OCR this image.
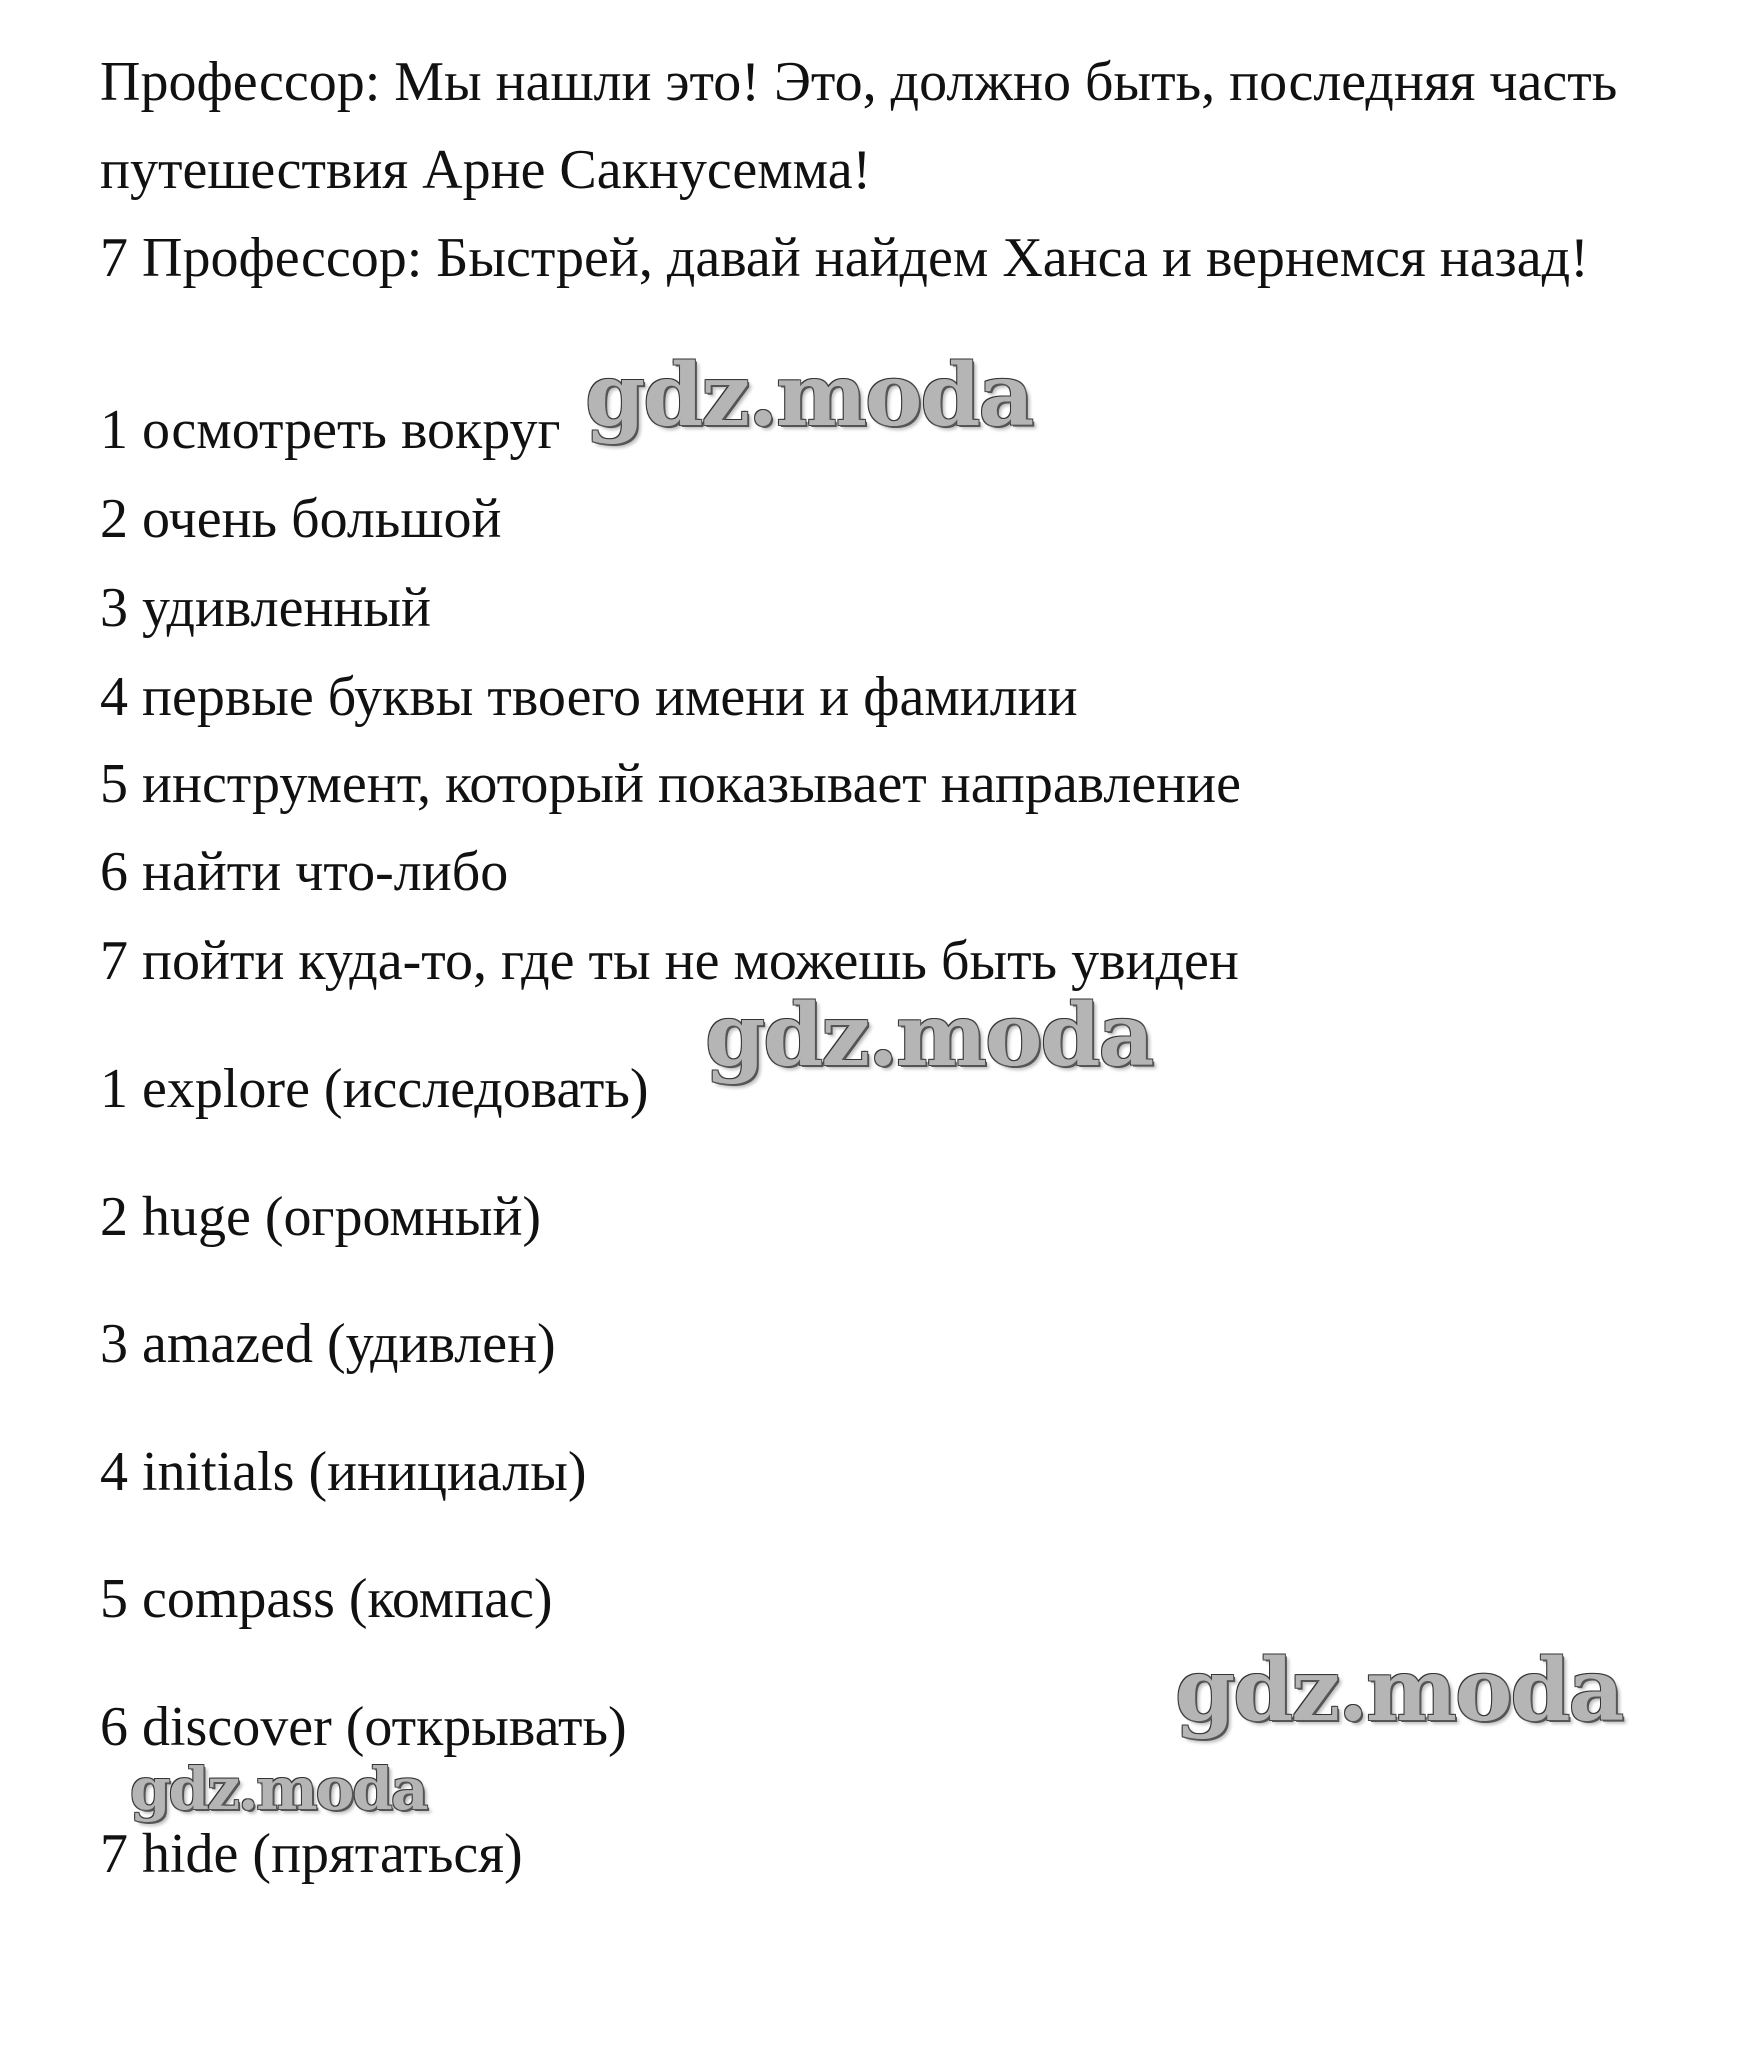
Профессор: Мы нашли это! Это, должно быть, последняя часть
путешествия Арне Сакнусемма!
7 Профессор: Быстрей, давай найдем Ханса и вернемся назад!
1 осмотреть вокруг
2 очень большой
3 удивленный
4 первые буквы твоего имени и фамилии
5 инструмент, который показывает направление
6 найти что-либо
7 пойти куда-то, где ты не можешь быть увиден
1 explore (исследовать)
2 huge (огромный)
3 amazed (удивлен)
4 initials (инициалы)
5 compass (компас)
6 discover (открывать)
7 hide (прятаться)
gdz.moda
gdz.moda
gdz.moda
gdz.moda
